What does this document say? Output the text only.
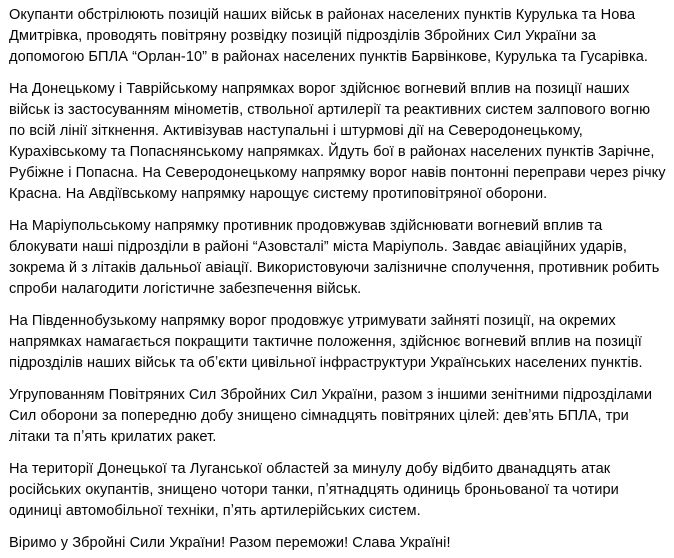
Окупанти обстрілюють позицій наших військ в районах населених пунктів Курулька та Нова Дмитрівка, проводять повітряну розвідку позицій підрозділів Збройних Сил України за допомогою БПЛА “Орлан-10” в районах населених пунктів Барвінкове, Курулька та Гусарівка.

На Донецькому і Таврійському напрямках ворог здійснює вогневий вплив на позиції наших військ із застосуванням мінометів, ствольної артилерії та реактивних систем залпового вогню по всій лінії зіткнення. Активізував наступальні і штурмові дії на Северодонецькому, Курахівському та Попаснянському напрямках. Йдуть бої в районах населених пунктів Зарічне, Рубіжне і Попасна. На Северодонецькому напрямку ворог навів понтонні переправи через річку Красна. На Авдіївському напрямку нарощує систему протиповітряної оборони.

На Маріупольському напрямку противник продовжував здійснювати вогневий вплив та блокувати наші підрозділи в районі “Азовсталі” міста Маріуполь. Завдає авіаційних ударів, зокрема й з літаків дальньої авіації. Використовуючи залізничне сполучення, противник робить спроби налагодити логістичне забезпечення військ.

На Південнобузькому напрямку ворог продовжує утримувати зайняті позиції, на окремих напрямках намагається покращити тактичне положення, здійснює вогневий вплив на позиції підрозділів наших військ та обʼєкти цивільної інфраструктури Українських населених пунктів.

Угрупованням Повітряних Сил Збройних Сил України, разом з іншими зенітними підрозділами Сил оборони за попередню добу знищено сімнадцять повітряних цілей: девʼять БПЛА, три літаки та пʼять крилатих ракет.

На території Донецької та Луганської областей за минулу добу відбито дванадцять атак російських окупантів, знищено чотори танки, пʼятнадцять одиниць броньованої та чотири одиниці автомобільної техніки, пʼять артилерійських систем.

Віримо у Збройні Сили України! Разом переможи! Слава Україні!
